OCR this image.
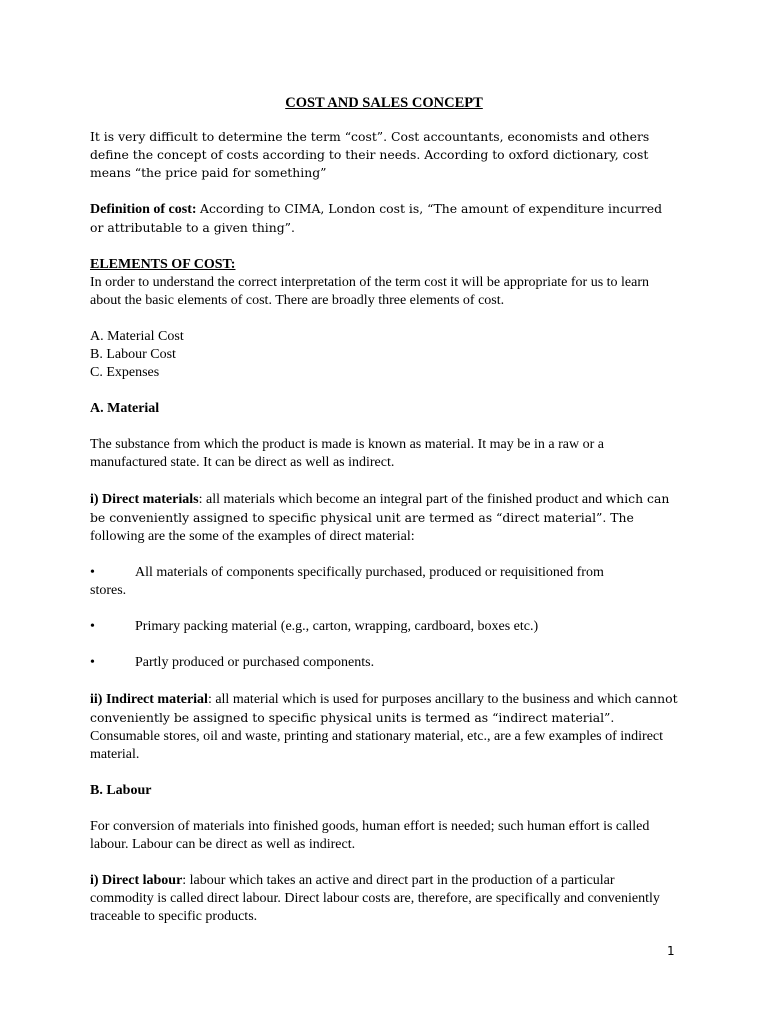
COST AND SALES CONCEPT

It is very difficult to determine the term “cost”. Cost accountants, economists and others define the concept of costs according to their needs. According to oxford dictionary, cost means “the price paid for something”

Definition of cost: According to CIMA, London cost is, “The amount of expenditure incurred or attributable to a given thing”.

ELEMENTS OF COST:

In order to understand the correct interpretation of the term cost it will be appropriate for us to learn about the basic elements of cost. There are broadly three elements of cost.

A. Material Cost
B. Labour Cost
C. Expenses

A. Material

The substance from which the product is made is known as material. It may be in a raw or a manufactured state. It can be direct as well as indirect.

i) Direct materials: all materials which become an integral part of the finished product and which can be conveniently assigned to specific physical unit are termed as “direct material”. The following are the some of the examples of direct material:

•	All materials of components specifically purchased, produced or requisitioned from
stores.
•	Primary packing material (e.g., carton, wrapping, cardboard, boxes etc.)
•	Partly produced or purchased components.

ii) Indirect material: all material which is used for purposes ancillary to the business and which cannot conveniently be assigned to specific physical units is termed as “indirect material”. Consumable stores, oil and waste, printing and stationary material, etc., are a few examples of indirect material.

B. Labour

For conversion of materials into finished goods, human effort is needed; such human effort is called labour. Labour can be direct as well as indirect.

i) Direct labour: labour which takes an active and direct part in the production of a particular commodity is called direct labour. Direct labour costs are, therefore, are specifically and conveniently traceable to specific products.

1
